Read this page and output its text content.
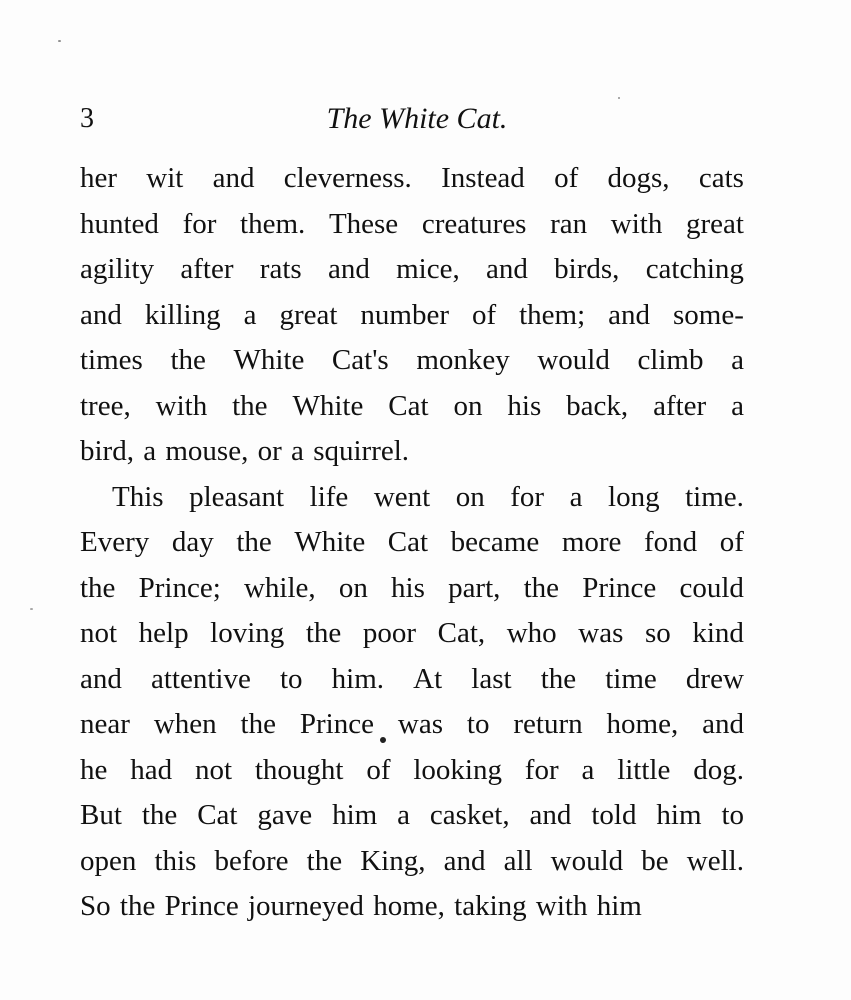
3	The White Cat.
her wit and cleverness. Instead of dogs, cats
hunted for them. These creatures ran with great
agility after rats and mice, and birds, catching
and killing a great number of them; and some-
times the White Cat's monkey would climb a
tree, with the White Cat on his back, after a
bird, a mouse, or a squirrel.
This pleasant life went on for a long time.
Every day the White Cat became more fond of
the Prince; while, on his part, the Prince could
not help loving the poor Cat, who was so kind
and attentive to him. At last the time drew
near when the Prince was to return home, and
he had not thought of looking for a little dog.
But the Cat gave him a casket, and told him to
open this before the King, and all would be well.
So the Prince journeyed home, taking with him
